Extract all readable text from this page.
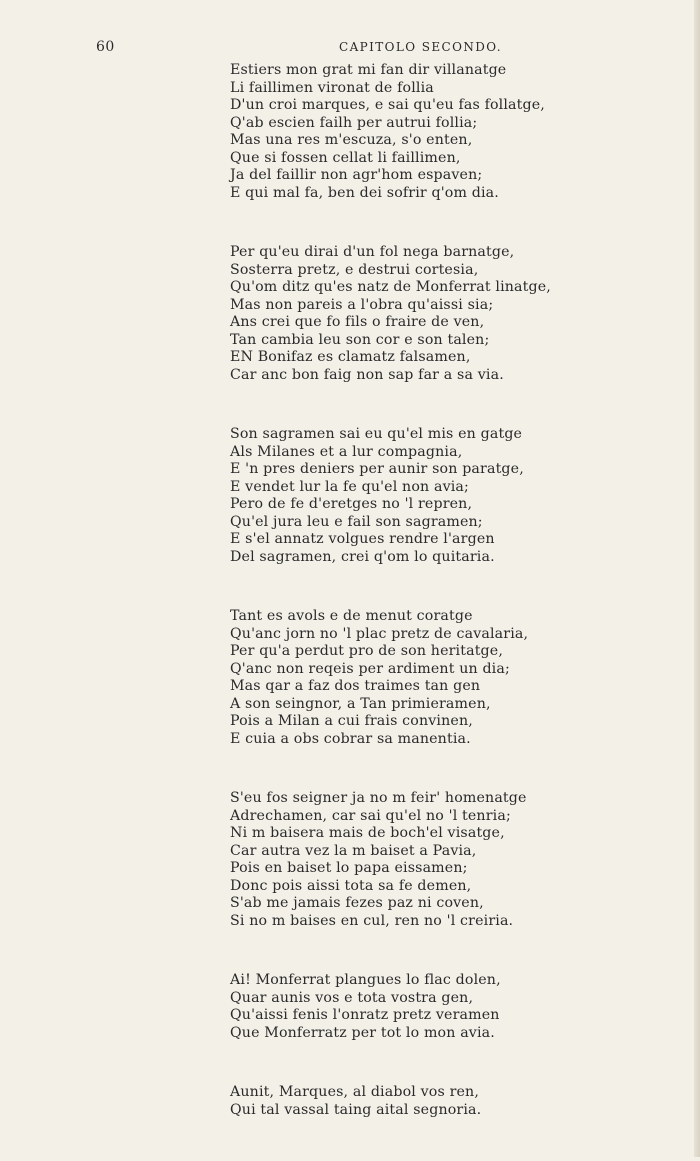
60	CAPITOLO SECONDO.
Estiers mon grat mi fan dir villanatge
Li faillimen vironat de follia
D'un croi marques, e sai qu'eu fas follatge,
Q'ab escien failh per autrui follia;
Mas una res m'escuza, s'o enten,
Que si fossen cellat li faillimen,
Ja del faillir non agr'hom espaven;
E qui mal fa, ben dei sofrir q'om dia.
Per qu'eu dirai d'un fol nega barnatge,
Sosterra pretz, e destrui cortesia,
Qu'om ditz qu'es natz de Monferrat linatge,
Mas non pareis a l'obra qu'aissi sia;
Ans crei que fo fils o fraire de ven,
Tan cambia leu son cor e son talen;
EN Bonifaz es clamatz falsamen,
Car anc bon faig non sap far a sa via.
Son sagramen sai eu qu'el mis en gatge
Als Milanes et a lur compagnia,
E 'n pres deniers per aunir son paratge,
E vendet lur la fe qu'el non avia;
Pero de fe d'eretges no 'l repren,
Qu'el jura leu e fail son sagramen;
E s'el annatz volgues rendre l'argen
Del sagramen, crei q'om lo quitaria.
Tant es avols e de menut coratge
Qu'anc jorn no 'l plac pretz de cavalaria,
Per qu'a perdut pro de son heritatge,
Q'anc non reqeis per ardiment un dia;
Mas qar a faz dos traimes tan gen
A son seingnor, a Tan primieramen,
Pois a Milan a cui frais convinen,
E cuia a obs cobrar sa manentia.
S'eu fos seigner ja no m feir' homenatge
Adrechamen, car sai qu'el no 'l tenria;
Ni m baisera mais de boch'el visatge,
Car autra vez la m baiset a Pavia,
Pois en baiset lo papa eissamen;
Donc pois aissi tota sa fe demen,
S'ab me jamais fezes paz ni coven,
Si no m baises en cul, ren no 'l creiria.
Ai! Monferrat plangues lo flac dolen,
Quar aunis vos e tota vostra gen,
Qu'aissi fenis l'onratz pretz veramen
Que Monferratz per tot lo mon avia.
Aunit, Marques, al diabol vos ren,
Qui tal vassal taing aital segnoria.
